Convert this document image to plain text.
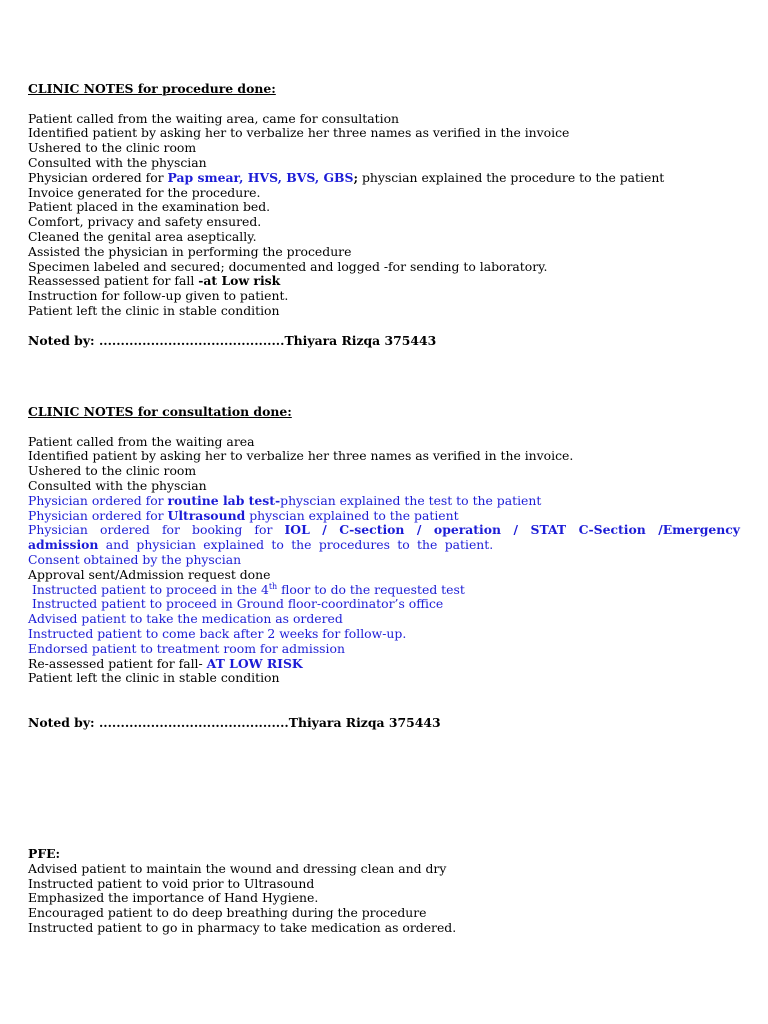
CLINIC NOTES for procedure done:
Patient called from the waiting area, came for consultation
Identified patient by asking her to verbalize her three names as verified in the invoice
Ushered to the clinic room
Consulted with the physcian
Physician ordered for Pap smear, HVS, BVS, GBS; physcian explained the procedure to the patient
Invoice generated for the procedure.
Patient placed in the examination bed.
Comfort, privacy and safety ensured.
Cleaned the genital area aseptically.
Assisted the physician in performing the procedure
Specimen labeled and secured; documented and logged -for sending to laboratory.
Reassessed patient for fall -at Low risk
Instruction for follow-up given to patient.
Patient left the clinic in stable condition
Noted by: ...........................................Thiyara Rizqa 375443
CLINIC NOTES for consultation done:
Patient called from the waiting area
Identified patient by asking her to verbalize her three names as verified in the invoice.
Ushered to the clinic room
Consulted with the physcian
Physician ordered for routine lab test-physcian explained the test to the patient
Physician ordered for Ultrasound physcian explained to the patient
Physician ordered for booking for IOL / C-section / operation / STAT C-Section /Emergency admission and physician explained to the procedures to the patient.
Consent obtained by the physcian
Approval sent/Admission request done
Instructed patient to proceed in the 4th floor to do the requested test
Instructed patient to proceed in Ground floor-coordinator’s office
Advised patient to take the medication as ordered
Instructed patient to come back after 2 weeks for follow-up.
Endorsed patient to treatment room for admission
Re-assessed patient for fall- AT LOW RISK
Patient left the clinic in stable condition
Noted by: ............................................Thiyara Rizqa 375443
PFE:
Advised patient to maintain the wound and dressing clean and dry
Instructed patient to void prior to Ultrasound
Emphasized the importance of Hand Hygiene.
Encouraged patient to do deep breathing during the procedure
Instructed patient to go in pharmacy to take medication as ordered.
